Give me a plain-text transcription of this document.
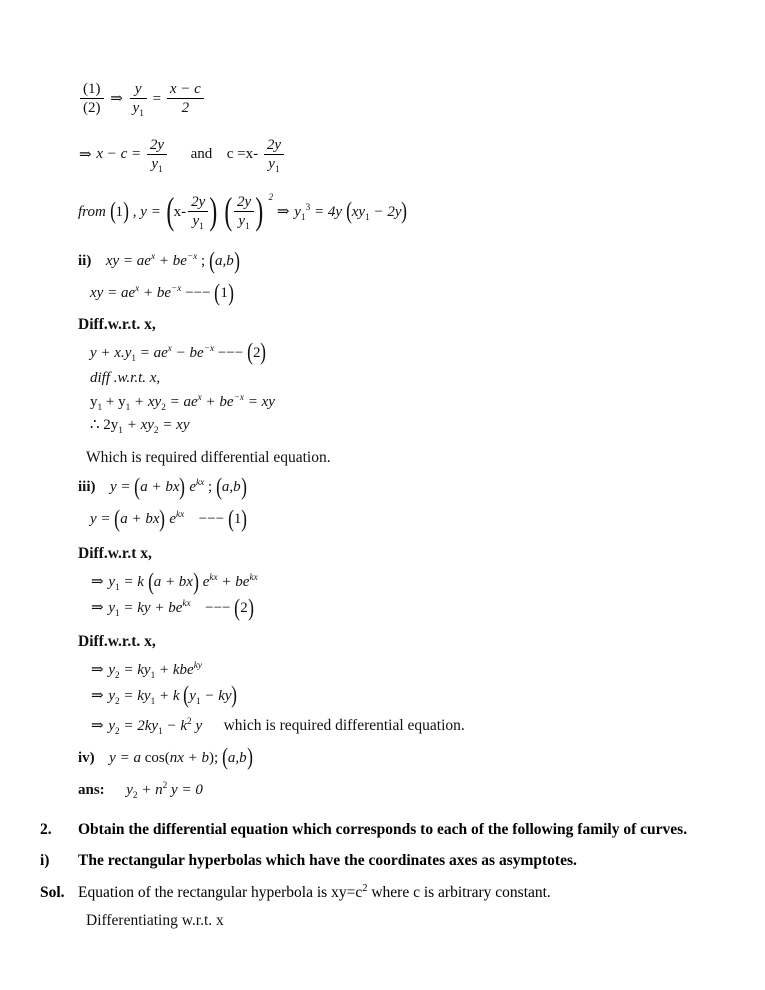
$\frac{(1)}{(2)}$ ⇒ $\frac{y}{y_1} = \frac{x - c}{2}$
⇒ $x - c = \frac{2y}{y_1}$ and $c =x- \frac{2y}{y_1}$
from ( 1 ) , y = ( $x- \frac{2y}{y_1}$
) ( $\frac{2y}{y_1}$
2
) ⇒ $y_1^3 = 4y$ ( $xy_1 - 2y$ )
ii) xy = $ae^x + be^{-x}$ ; ( a,b )
xy = $ae^x + be^{-x}$ −−− ( 1 )
Diff.w.r.t. x,
$y + x.y_1 = ae^x - be^{-x}$ −−− ( 2 )
diff .w.r.t. x,
$y_1 + y_1 + xy_2 = ae^x + be^{-x}$ = xy
∴ $2y_1 + xy_2$ = xy
Which is required differential equation.
iii) y = ( a + bx ) $e^{kx}$ ; ( a,b )
y = ( a + bx ) $e^{kx}$ −−− ( 1 )
Diff.w.r.t x,
⇒ $y_1 = k$ ( a + bx ) $e^{kx} + be^{kx}$
⇒ $y_1$ = ky + $be^{kx}$ −−− ( 2 )
Diff.w.r.t. x,
⇒ $y_2 = ky_1 + kbe^{ky}$
⇒ $y_2 = ky_1 + k$ ( $y_1$ − ky )
⇒ $y_2 = 2ky_1 - k^2$ y which is required differential equation.
iv) y = a cos(nx + b); ( a,b )
ans: $y_2 + n^2$ y = 0
2.	Obtain the differential equation which corresponds to each of the following family of curves.
i)	The rectangular hyperbolas which have the coordinates axes as asymptotes.
Sol. Equation of the rectangular hyperbola is $xy=c^2$ where c is arbitrary constant.
Differentiating w.r.t. x
